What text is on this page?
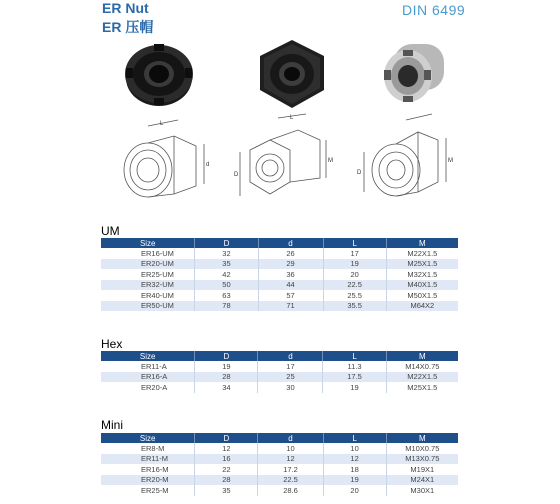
ER Nut
ER 压帽
DIN 6499
L
d
D
L
M
D
M
UM
Size	D	d	L	M
ER16-UM	32	26	17	M22X1.5
ER20-UM	35	29	19	M25X1.5
ER25-UM	42	36	20	M32X1.5
ER32-UM	50	44	22.5	M40X1.5
ER40-UM	63	57	25.5	M50X1.5
ER50-UM	78	71	35.5	M64X2
Hex
Size	D	d	L	M
ER11-A	19	17	11.3	M14X0.75
ER16-A	28	25	17.5	M22X1.5
ER20-A	34	30	19	M25X1.5
Mini
Size	D	d	L	M
ER8-M	12	10	10	M10X0.75
ER11-M	16	12	12	M13X0.75
ER16-M	22	17.2	18	M19X1
ER20-M	28	22.5	19	M24X1
ER25-M	35	28.6	20	M30X1
